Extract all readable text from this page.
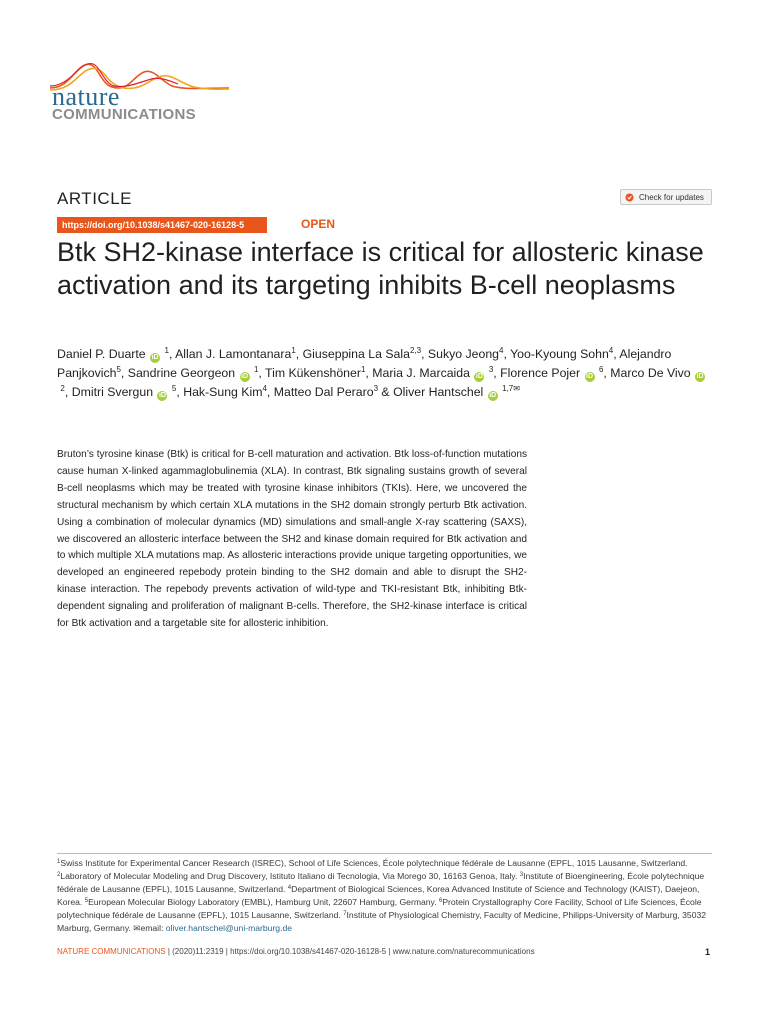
nature
COMMUNICATIONS
ARTICLE	Check for updates
https://doi.org/10.1038/s41467-020-16128-5	OPEN
Btk SH2-kinase interface is critical for allosteric kinase activation and its targeting inhibits B-cell neoplasms
Daniel P. Duarte iD $^1$, Allan J. Lamontanara$^1$, Giuseppina La Sala$^{2,3}$, Sukyo Jeong$^4$, Yoo-Kyoung Sohn$^4$, Alejandro Panjkovich$^5$, Sandrine Georgeon iD $^1$, Tim Kükenshöner$^1$, Maria J. Marcaida iD $^3$, Florence Pojer iD $^6$, Marco De Vivo iD $^2$, Dmitri Svergun iD $^5$, Hak-Sung Kim$^4$, Matteo Dal Peraro$^3$ & Oliver Hantschel iD $^{1,7✉}$
Bruton’s tyrosine kinase (Btk) is critical for B-cell maturation and activation. Btk loss-of-function mutations cause human X-linked agammaglobulinemia (XLA). In contrast, Btk signaling sustains growth of several B-cell neoplasms which may be treated with tyrosine kinase inhibitors (TKIs). Here, we uncovered the structural mechanism by which certain XLA mutations in the SH2 domain strongly perturb Btk activation. Using a combination of molecular dynamics (MD) simulations and small-angle X-ray scattering (SAXS), we discovered an allosteric interface between the SH2 and kinase domain required for Btk activation and to which multiple XLA mutations map. As allosteric interactions provide unique targeting opportunities, we developed an engineered repebody protein binding to the SH2 domain and able to disrupt the SH2-kinase interaction. The repebody prevents activation of wild-type and TKI-resistant Btk, inhibiting Btk-dependent signaling and proliferation of malignant B-cells. Therefore, the SH2-kinase interface is critical for Btk activation and a targetable site for allosteric inhibition.
$^1$Swiss Institute for Experimental Cancer Research (ISREC), School of Life Sciences, École polytechnique fédérale de Lausanne (EPFL, 1015 Lausanne, Switzerland. $^2$Laboratory of Molecular Modeling and Drug Discovery, Istituto Italiano di Tecnologia, Via Morego 30, 16163 Genoa, Italy. $^3$Institute of Bioengineering, École polytechnique fédérale de Lausanne (EPFL), 1015 Lausanne, Switzerland. $^4$Department of Biological Sciences, Korea Advanced Institute of Science and Technology (KAIST), Daejeon, Korea. $^5$European Molecular Biology Laboratory (EMBL), Hamburg Unit, 22607 Hamburg, Germany. $^6$Protein Crystallography Core Facility, School of Life Sciences, École polytechnique fédérale de Lausanne (EPFL), 1015 Lausanne, Switzerland. $^7$Institute of Physiological Chemistry, Faculty of Medicine, Philipps-University of Marburg, 35032 Marburg, Germany. ✉email: oliver.hantschel@uni-marburg.de
NATURE COMMUNICATIONS | (2020)11:2319 | https://doi.org/10.1038/s41467-020-16128-5 | www.nature.com/naturecommunications	1
